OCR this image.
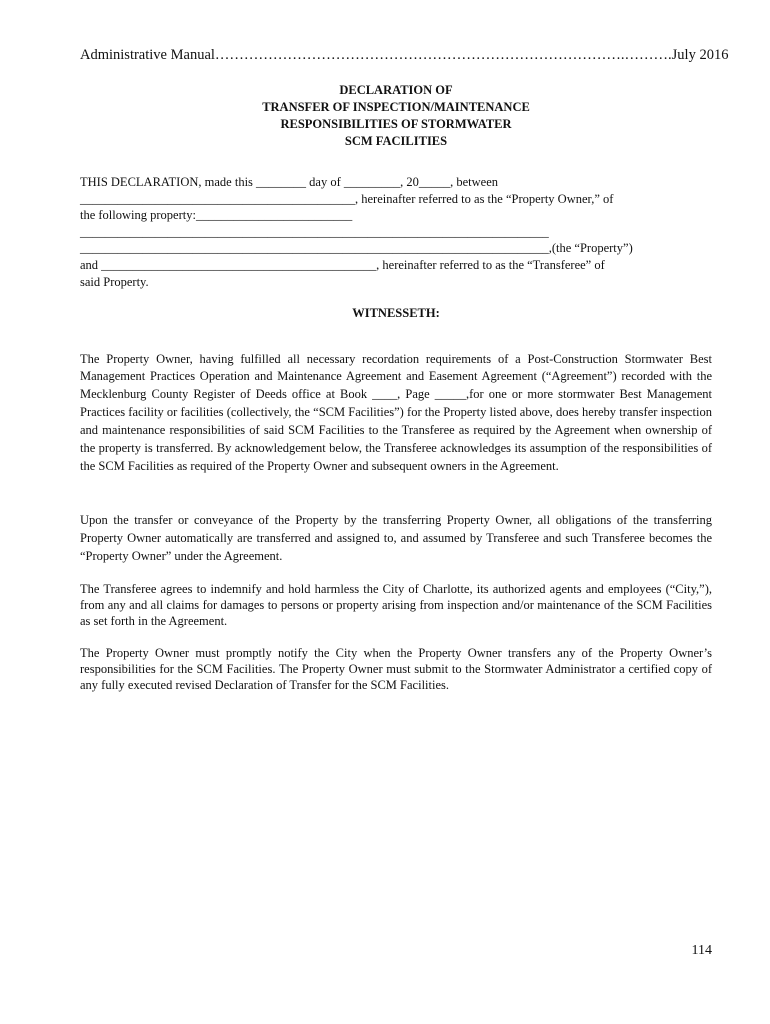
Administrative Manual………………………………………………………………………….……….July 2016
DECLARATION OF
TRANSFER OF INSPECTION/MAINTENANCE
RESPONSIBILITIES OF STORMWATER
SCM FACILITIES
THIS DECLARATION, made this ________ day of _________, 20_____, between
____________________________________________, hereinafter referred to as the “Property Owner,” of
the following property:_________________________
___________________________________________________________________________
___________________________________________________________________________,(the “Property”)
and ____________________________________________, hereinafter referred to as the “Transferee” of
said Property.
WITNESSETH:

The Property Owner, having fulfilled all necessary recordation requirements of a Post-Construction Stormwater Best Management Practices Operation and Maintenance Agreement and Easement Agreement (“Agreement”) recorded with the Mecklenburg County Register of Deeds office at Book ____, Page _____,for one or more stormwater Best Management Practices facility or facilities (collectively, the “SCM Facilities”) for the Property listed above, does hereby transfer inspection and maintenance responsibilities of said SCM Facilities to the Transferee as required by the Agreement when ownership of the property is transferred. By acknowledgement below, the Transferee acknowledges its assumption of the responsibilities of the SCM Facilities as required of the Property Owner and subsequent owners in the Agreement.

Upon the transfer or conveyance of the Property by the transferring Property Owner, all obligations of the transferring Property Owner automatically are transferred and assigned to, and assumed by Transferee and such Transferee becomes the “Property Owner” under the Agreement.

The Transferee agrees to indemnify and hold harmless the City of Charlotte, its authorized agents and employees (“City,”), from any and all claims for damages to persons or property arising from inspection and/or maintenance of the SCM Facilities as set forth in the Agreement.

The Property Owner must promptly notify the City when the Property Owner transfers any of the Property Owner’s responsibilities for the SCM Facilities. The Property Owner must submit to the Stormwater Administrator a certified copy of any fully executed revised Declaration of Transfer for the SCM Facilities.

114
